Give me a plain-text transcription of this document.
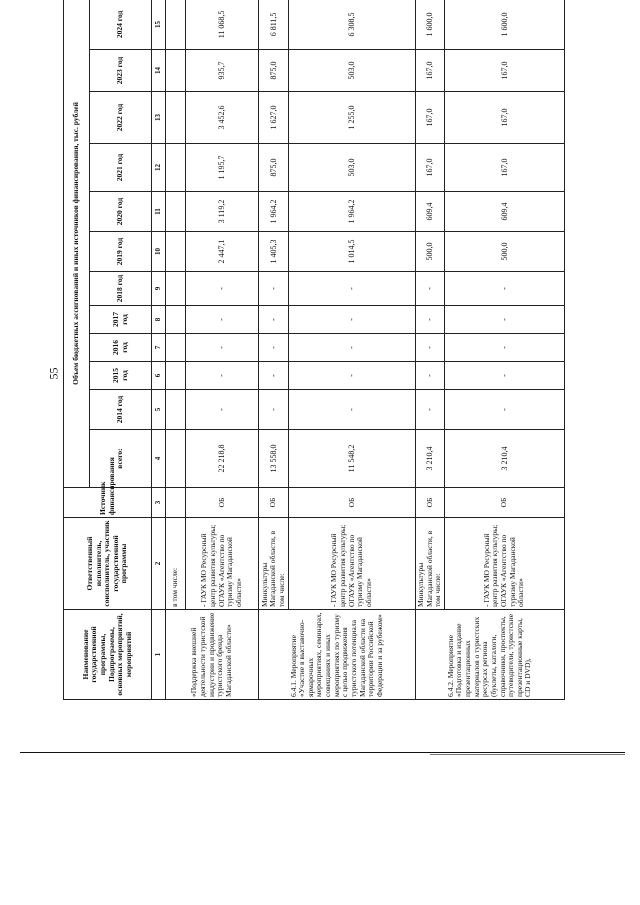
55
Наименование государственной программы, Подпрограммы, основных мероприятий, мероприятий	Ответственный исполнитель, соисполнитель, участник государственной программы	Источник финансирования	Объем бюджетных ассигнований и иных источников финансирования, тыс. рублей											
			всего:	2014 год	2015 год	2016 год	2017 год	2018 год	2019 год	2020 год	2021 год	2022 год	2023 год	2024 год
1	2	3	4	5	6	7	8	9	10	11	12	13	14	15
«Поддержка внешней деятельности туристской индустрии и продвижение туристского бренда Магаданской области»	в том числе:													
	- ГАУК МО Ресурсный центр развития культуры; ОГАУК «Агентство по туризму Магаданской области»	ОБ	22 218,8	-	-	-	-	-	2 447,1	3 119,2	1 195,7	3 452,6	935,7	11 068,5
6.4.1. Мероприятие «Участие в выставочно-ярмарочных мероприятиях, семинарах, совещаниях и иных мероприятиях по туризму с целью продвижения туристского потенциала Магаданской области на территории Российской Федерации и за рубежом»	Минкультуры Магаданской области, в том числе:	ОБ	13 558,0	-	-	-	-	-	1 405,3	1 964,2	875,0	1 627,0	875,0	6 811,5
	- ГАУК МО Ресурсный центр развития культуры; ОГАУК «Агентство по туризму Магаданской области»	ОБ	11 548,2	-	-	-	-	-	1 014,5	1 964,2	503,0	1 255,0	503,0	6 308,5
6.4.2. Мероприятие «Подготовка и издание презентационных материалов о туристских ресурсах региона (буклеты, каталоги, справочники, проспекты, путеводители, туристские презентационные карты, CD и DVD),	Минкультуры Магаданской области, в том числе:	ОБ	3 210,4	-	-	-	-	-	500,0	609,4	167,0	167,0	167,0	1 600,0
	- ГАУК МО Ресурсный центр развития культуры; ОГАУК «Агентство по туризму Магаданской области»	ОБ	3 210,4	-	-	-	-	-	500,0	609,4	167,0	167,0	167,0	1 600,0
